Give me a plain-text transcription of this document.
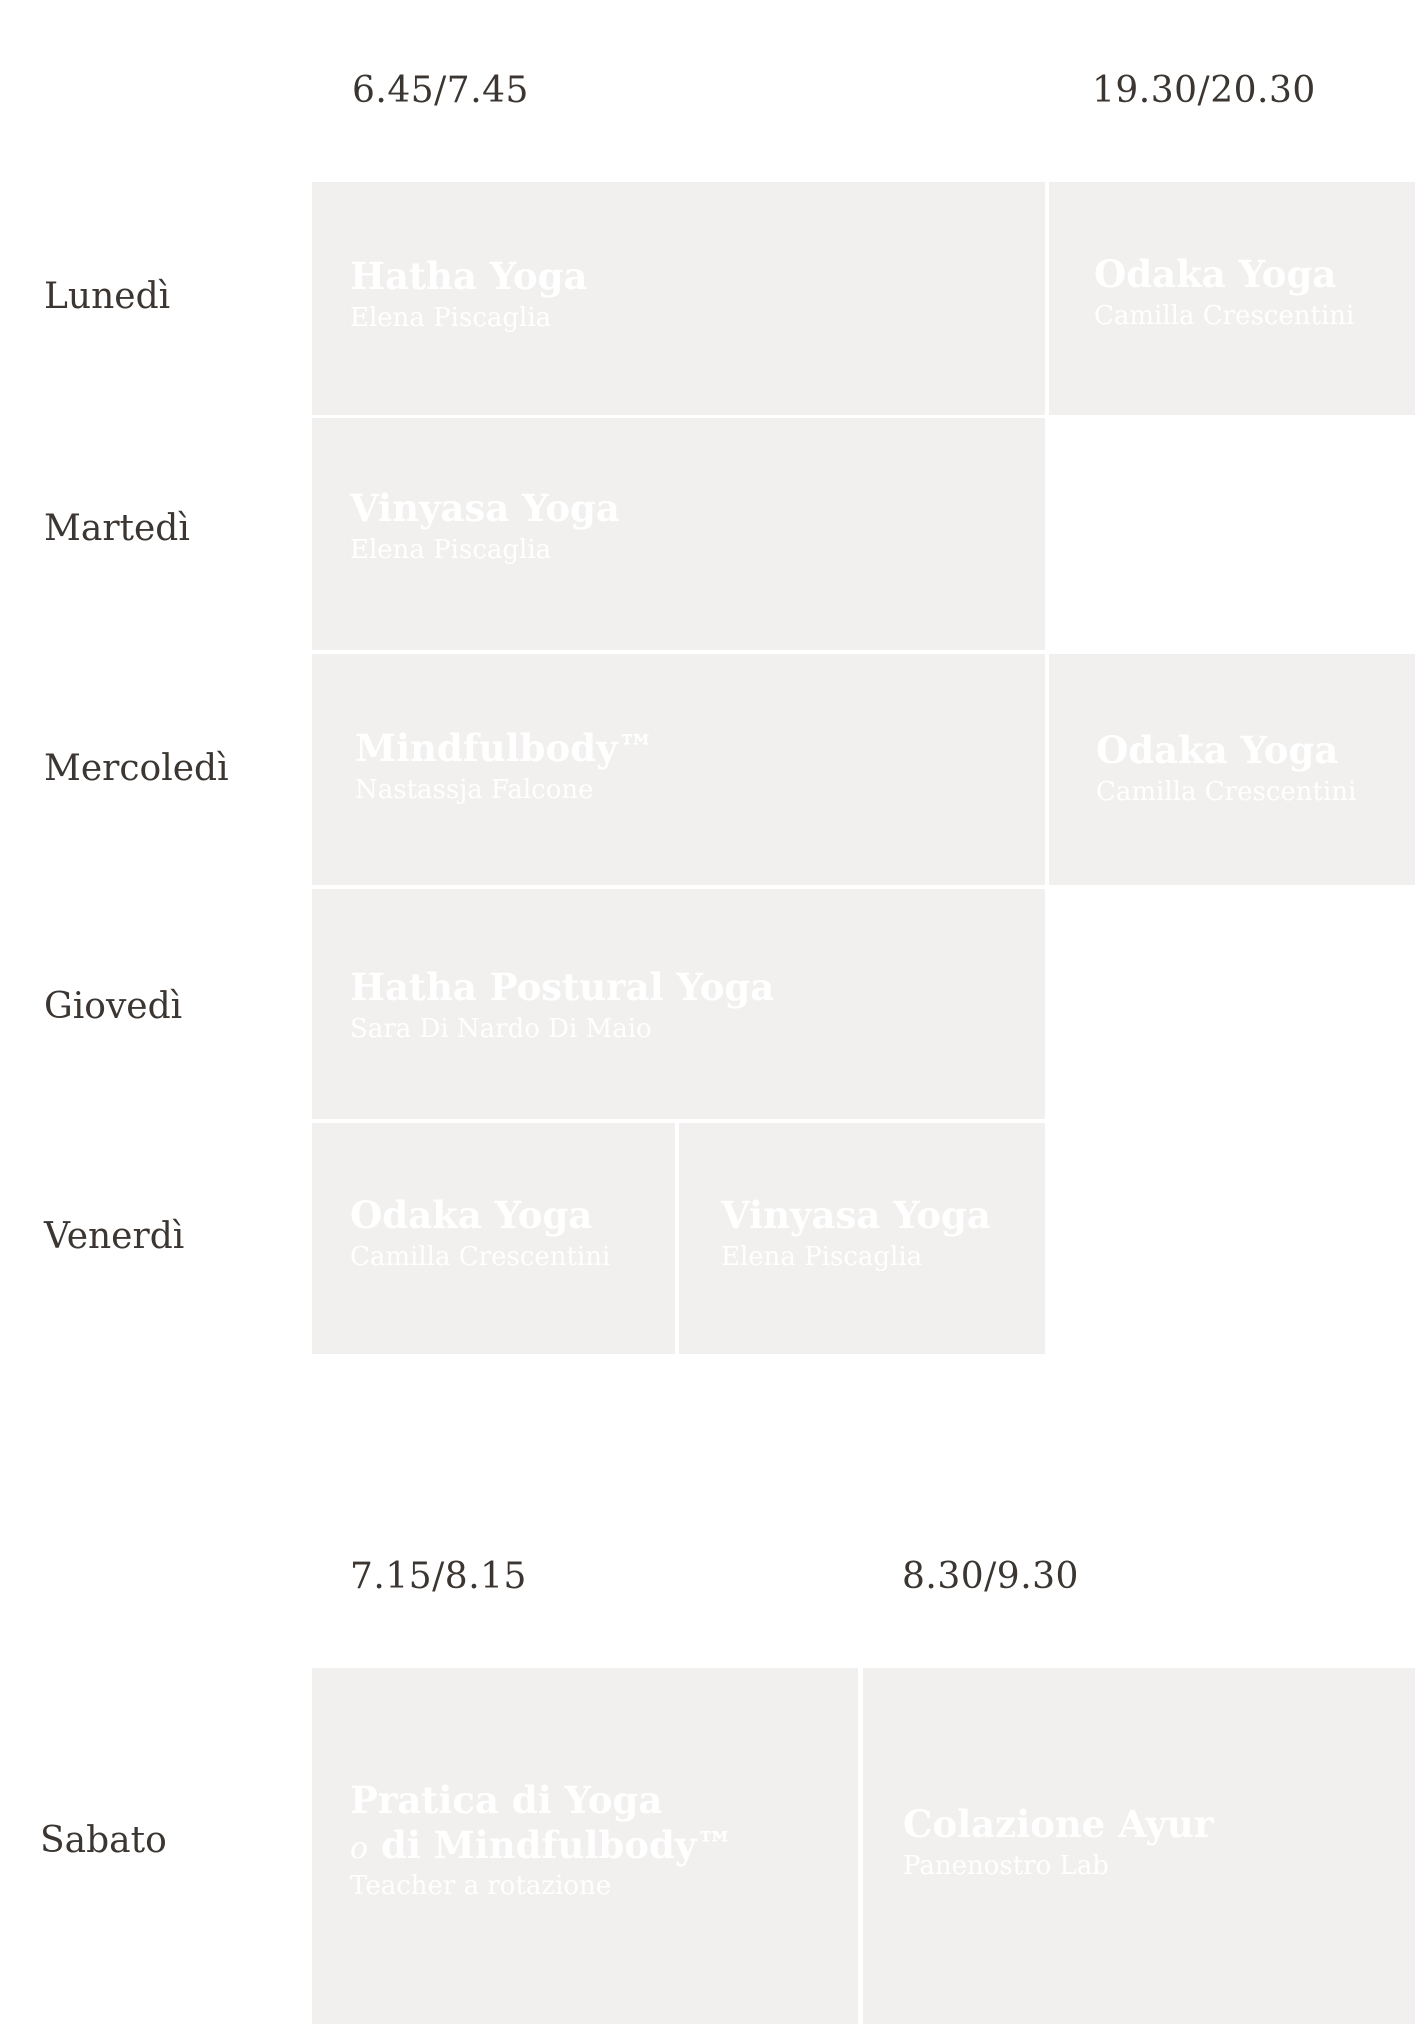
6.45/7.45	19.30/20.30
Lunedì
Martedì
Mercoledì
Giovedì
Venerdì
Hatha Yoga
Elena Piscaglia
Odaka Yoga
Camilla Crescentini
Vinyasa Yoga
Elena Piscaglia
Mindfulbody™
Nastassja Falcone
Odaka Yoga
Camilla Crescentini
Hatha Postural Yoga
Sara Di Nardo Di Maio
Odaka Yoga
Camilla Crescentini
Vinyasa Yoga
Elena Piscaglia
7.15/8.15	8.30/9.30
Sabato
Pratica di Yoga
o di Mindfulbody™
Teacher a rotazione
Colazione Ayur
Panenostro Lab
